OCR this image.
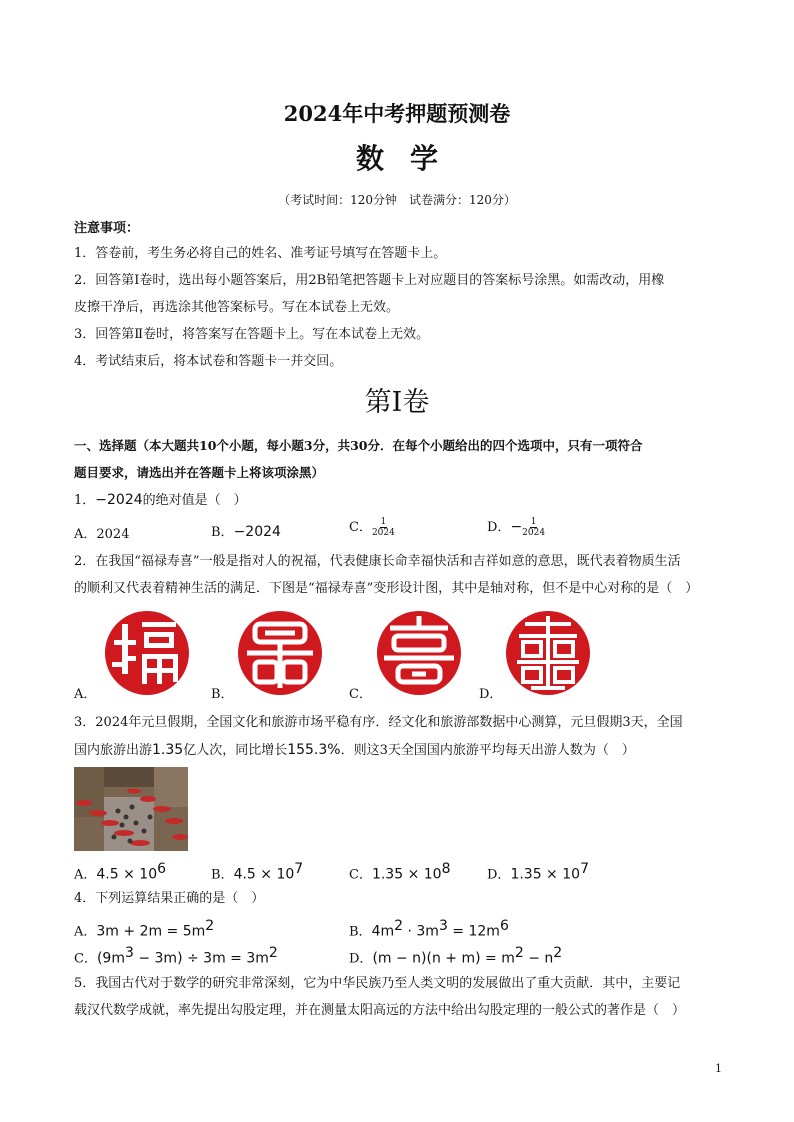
2024年中考押题预测卷
数学
（考试时间：120分钟　试卷满分：120分）
注意事项：
1．答卷前，考生务必将自己的姓名、准考证号填写在答题卡上。
2．回答第Ⅰ卷时，选出每小题答案后，用2B铅笔把答题卡上对应题目的答案标号涂黑。如需改动，用橡
皮擦干净后，再选涂其他答案标号。写在本试卷上无效。
3．回答第Ⅱ卷时，将答案写在答题卡上。写在本试卷上无效。
4．考试结束后，将本试卷和答题卡一并交回。
第Ⅰ卷
一、选择题（本大题共10个小题，每小题3分，共30分．在每个小题给出的四个选项中，只有一项符合
题目要求，请选出并在答题卡上将该项涂黑）
1．−2024的绝对值是（　）
A．2024	B．−2024	C． $\frac{1}{2024}$	D．− $\frac{1}{2024}$
2．在我国“福禄寿喜”一般是指对人的祝福，代表健康长命幸福快活和吉祥如意的意思，既代表着物质生活
的顺利又代表着精神生活的满足．下图是“福禄寿喜”变形设计图，其中是轴对称，但不是中心对称的是（　）
A．	B．	C．	D．
3．2024年元旦假期，全国文化和旅游市场平稳有序．经文化和旅游部数据中心测算，元旦假期3天，全国
国内旅游出游1.35亿人次，同比增长155.3%．则这3天全国国内旅游平均每天出游人数为（　）
A．$4.5 \times 10^6$	B．$4.5 \times 10^7$	C．$1.35 \times 10^8$	D．$1.35 \times 10^7$
4．下列运算结果正确的是（　）
A．$3m + 2m = 5m^2$	B．$4m^2 \cdot 3m^3 = 12m^6$
C．$(9m^3 - 3m) \div 3m = 3m^2$	D．$(m - n)(n + m) = m^2 - n^2$
5．我国古代对于数学的研究非常深刻，它为中华民族乃至人类文明的发展做出了重大贡献．其中，主要记
载汉代数学成就，率先提出勾股定理，并在测量太阳高远的方法中给出勾股定理的一般公式的著作是（　）
1
